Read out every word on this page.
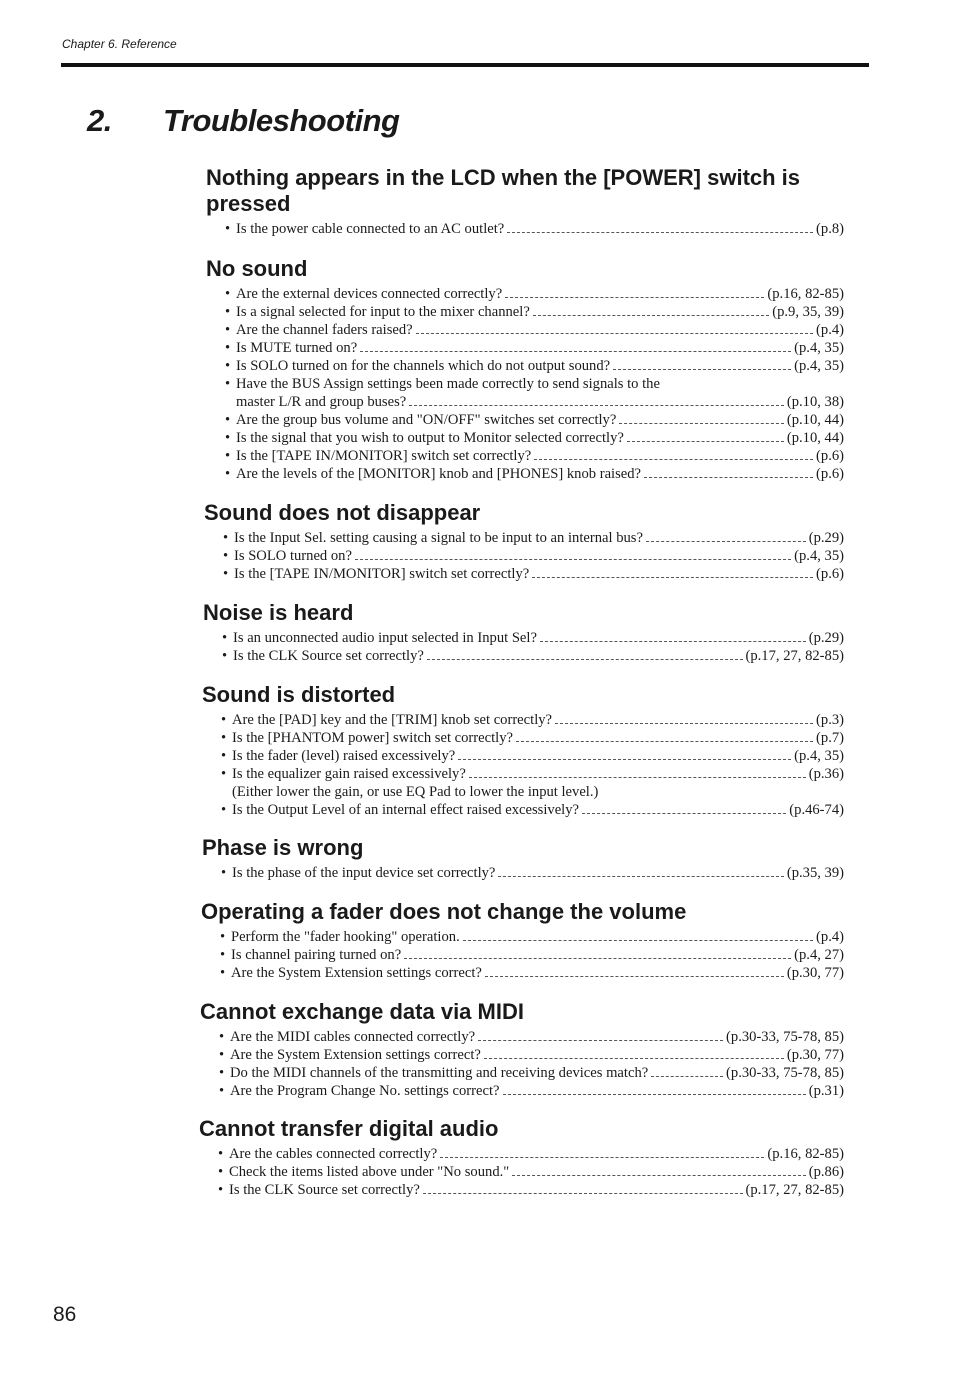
Chapter 6. Reference
2. Troubleshooting
Nothing appears in the LCD when the [POWER] switch is pressed
• Is the power cable connected to an AC outlet?	(p.8)
No sound
• Are the external devices connected correctly?	(p.16, 82-85)
• Is a signal selected for input to the mixer channel?	(p.9, 35, 39)
• Are the channel faders raised?	(p.4)
• Is MUTE turned on?	(p.4, 35)
• Is SOLO turned on for the channels which do not output sound?	(p.4, 35)
• Have the BUS Assign settings been made correctly to send signals to the
master L/R and group buses?	(p.10, 38)
• Are the group bus volume and "ON/OFF" switches set correctly?	(p.10, 44)
• Is the signal that you wish to output to Monitor selected correctly?	(p.10, 44)
• Is the [TAPE IN/MONITOR] switch set correctly?	(p.6)
• Are the levels of the [MONITOR] knob and [PHONES] knob raised?	(p.6)
Sound does not disappear
• Is the Input Sel. setting causing a signal to be input to an internal bus?	(p.29)
• Is SOLO turned on?	(p.4, 35)
• Is the [TAPE IN/MONITOR] switch set correctly?	(p.6)
Noise is heard
• Is an unconnected audio input selected in Input Sel?	(p.29)
• Is the CLK Source set correctly?	(p.17, 27, 82-85)
Sound is distorted
• Are the [PAD] key and the [TRIM] knob set correctly?	(p.3)
• Is the [PHANTOM power] switch set correctly?	(p.7)
• Is the fader (level) raised excessively?	(p.4, 35)
• Is the equalizer gain raised excessively?	(p.36)
(Either lower the gain, or use EQ Pad to lower the input level.)
• Is the Output Level of an internal effect raised excessively?	(p.46-74)
Phase is wrong
• Is the phase of the input device set correctly?	(p.35, 39)
Operating a fader does not change the volume
• Perform the "fader hooking" operation.	(p.4)
• Is channel pairing turned on?	(p.4, 27)
• Are the System Extension settings correct?	(p.30, 77)
Cannot exchange data via MIDI
• Are the MIDI cables connected correctly?	(p.30-33, 75-78, 85)
• Are the System Extension settings correct?	(p.30, 77)
• Do the MIDI channels of the transmitting and receiving devices match?	(p.30-33, 75-78, 85)
• Are the Program Change No. settings correct?	(p.31)
Cannot transfer digital audio
• Are the cables connected correctly?	(p.16, 82-85)
• Check the items listed above under "No sound."	(p.86)
• Is the CLK Source set correctly?	(p.17, 27, 82-85)
86
